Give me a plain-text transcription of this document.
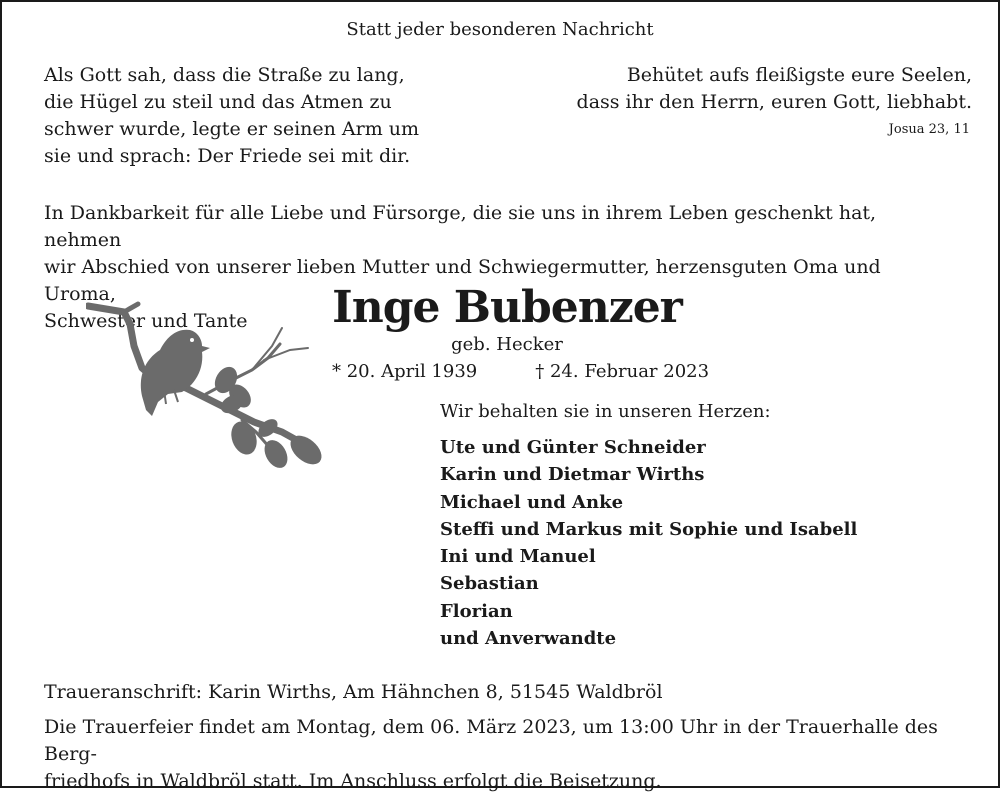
Statt jeder besonderen Nachricht

Als Gott sah, dass die Straße zu lang,
die Hügel zu steil und das Atmen zu
schwer wurde, legte er seinen Arm um
sie und sprach: Der Friede sei mit dir.
Behütet aufs fleißigste eure Seelen,
dass ihr den Herrn, euren Gott, liebhabt.
Josua 23, 11
In Dankbarkeit für alle Liebe und Fürsorge, die sie uns in ihrem Leben geschenkt hat, nehmen
wir Abschied von unserer lieben Mutter und Schwiegermutter, herzensguten Oma und Uroma,
Schwester und Tante	Inge Bubenzer
geb. Hecker
* 20. April 1939	† 24. Februar 2023
Wir behalten sie in unseren Herzen:
Ute und Günter Schneider
Karin und Dietmar Wirths
Michael und Anke
Steffi und Markus mit Sophie und Isabell
Ini und Manuel
Sebastian
Florian
und Anverwandte
Traueranschrift: Karin Wirths, Am Hähnchen 8, 51545 Waldbröl
Die Trauerfeier findet am Montag, dem 06. März 2023, um 13:00 Uhr in der Trauerhalle des Berg-
friedhofs in Waldbröl statt. Im Anschluss erfolgt die Beisetzung.
